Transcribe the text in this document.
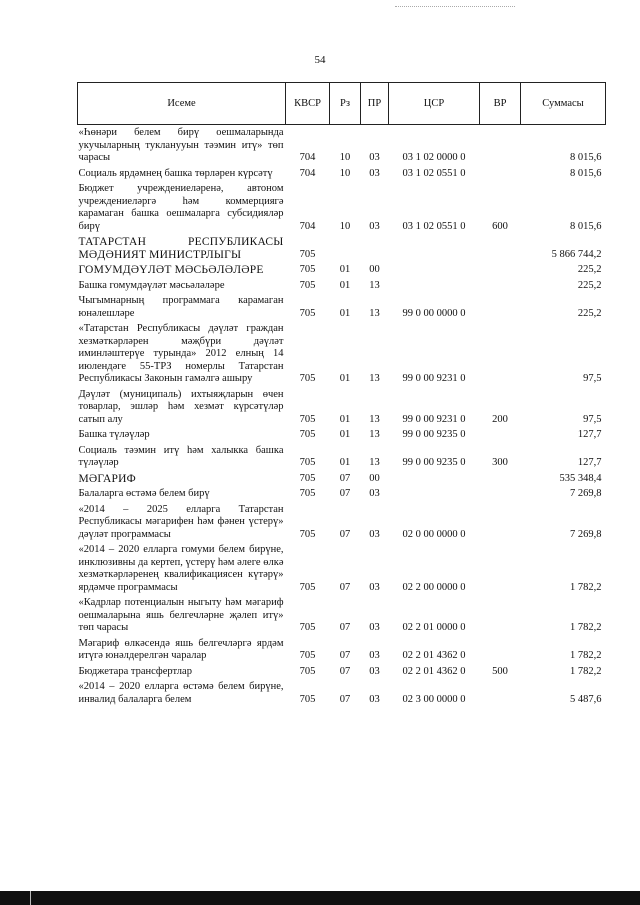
54
Исеме	КВСР	Рз	ПР	ЦСР	ВР	Суммасы
«Һөнәри белем бирү оешмаларында укучыларның тукланууын тәэмин итү» төп чарасы	704	10	03	03 1 02 0000 0		8 015,6
Социаль ярдәмнең башка төрләрен күрсәтү	704	10	03	03 1 02 0551 0		8 015,6
Бюджет учреждениеләренә, автоном учреждениеләргә һәм коммерциягә карамаган башка оешмаларга субсидияләр бирү	704	10	03	03 1 02 0551 0	600	8 015,6
ТАТАРСТАН РЕСПУБЛИКАСЫ МӘДӘНИЯТ МИНИСТРЛЫГЫ	705					5 866 744,2
ГОМУМДӘҮЛӘТ МӘСЬӘЛӘЛӘРЕ	705	01	00			225,2
Башка гомумдәүләт мәсьәләләре	705	01	13			225,2
Чыгымнарның программага карамаган юнәлешләре	705	01	13	99 0 00 0000 0		225,2
«Татарстан Республикасы дәүләт граждан хезмәткәрләрен мәҗбүри дәүләт иминләштерүе турында» 2012 елның 14 июлендәге 55-ТРЗ номерлы Татарстан Республикасы Законын гамәлгә ашыру	705	01	13	99 0 00 9231 0		97,5
Дәүләт (муниципаль) ихтыяҗларын өчен товарлар, эшләр һәм хезмәт күрсәтүләр сатып алу	705	01	13	99 0 00 9231 0	200	97,5
Башка түләүләр	705	01	13	99 0 00 9235 0		127,7
Социаль тәэмин итү һәм халыкка башка түләүләр	705	01	13	99 0 00 9235 0	300	127,7
МӘГАРИФ	705	07	00			535 348,4
Балаларга өстәмә белем бирү	705	07	03			7 269,8
«2014 – 2025 елларга Татарстан Республикасы мәгарифен һәм фәнен үстерү» дәүләт программасы	705	07	03	02 0 00 0000 0		7 269,8
«2014 – 2020 елларга гомуми белем бирүне, инклюзивны да кертеп, үстерү һәм әлеге өлкә хезмәткәрләренең квалификациясен күтәрү» ярдәмче программасы	705	07	03	02 2 00 0000 0		1 782,2
«Кадрлар потенциалын ныгыту һәм мәгариф оешмаларына яшь белгечләрне җәлеп итү» төп чарасы	705	07	03	02 2 01 0000 0		1 782,2
Мәгариф өлкәсендә яшь белгечләргә ярдәм итүгә юнәлдерелгән чаралар	705	07	03	02 2 01 4362 0		1 782,2
Бюджетара трансфертлар	705	07	03	02 2 01 4362 0	500	1 782,2
«2014 – 2020 елларга өстәмә белем бирүне, инвалид балаларга белем	705	07	03	02 3 00 0000 0		5 487,6
